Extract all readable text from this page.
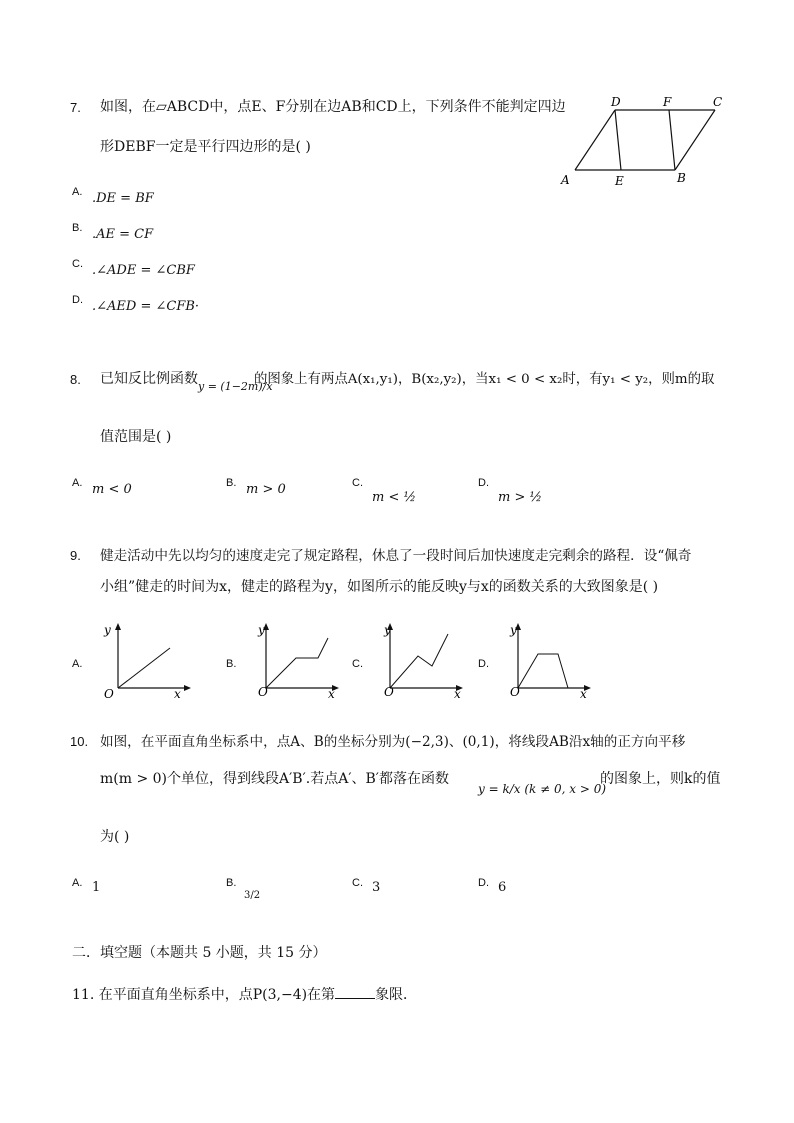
7. 如图，在▱ABCD中，点E、F分别在边AB和CD上，下列条件不能判定四边
形DEBF一定是平行四边形的是( )
D	F	C
A	E	B
A. .DE = BF
B. .AE = CF
C. .∠ADE = ∠CBF
D. .∠AED = ∠CFB·
8. 已知反比例函数 y = (1−2m)/x
的图象上有两点A(x₁,y₁)，B(x₂,y₂)，当x₁ < 0 < x₂时，有y₁ < y₂，则m的取
值范围是( )
A. m < 0	B. m > 0	C.
m < ½
D.
m > ½
9. 健走活动中先以均匀的速度走完了规定路程，休息了一段时间后加快速度走完剩余的路程．设“佩奇
小组”健走的时间为x，健走的路程为y，如图所示的能反映y与x的函数关系的大致图象是( )
A.
y
x
O
B.
y
x
O
C.
y
x
O
D.
y
x
O
10. 如图，在平面直角坐标系中，点A、B的坐标分别为(−2,3)、(0,1)，将线段AB沿x轴的正方向平移
m(m > 0)个单位，得到线段A′B′.若点A′、B′都落在函数
y = k/x (k ≠ 0, x > 0)
的图象上，则k的值
为( )
A. 1	B.
3/2
C. 3	D. 6
二．填空题（本题共 5 小题，共 15 分）
11. 在平面直角坐标系中，点P(3,−4)在第	象限．
